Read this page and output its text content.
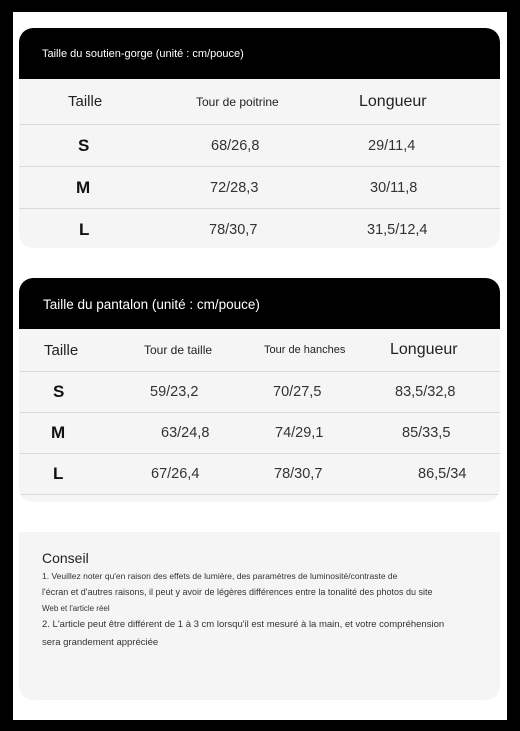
Taille du soutien-gorge (unité : cm/pouce)
Taille	Tour de poitrine	Longueur
S	68/26,8	29/11,4
M	72/28,3	30/11,8
L	78/30,7	31,5/12,4
Taille du pantalon (unité : cm/pouce)
Taille	Tour de taille	Tour de hanches	Longueur
S	59/23,2	70/27,5	83,5/32,8
M	63/24,8	74/29,1	85/33,5
L	67/26,4	78/30,7	86,5/34
Conseil
1. Veuillez noter qu'en raison des effets de lumière, des paramètres de luminosité/contraste de
l'écran et d'autres raisons, il peut y avoir de légères différences entre la tonalité des photos du site
Web et l'article réel
2. L'article peut être différent de 1 à 3 cm lorsqu'il est mesuré à la main, et votre compréhension
sera grandement appréciée
